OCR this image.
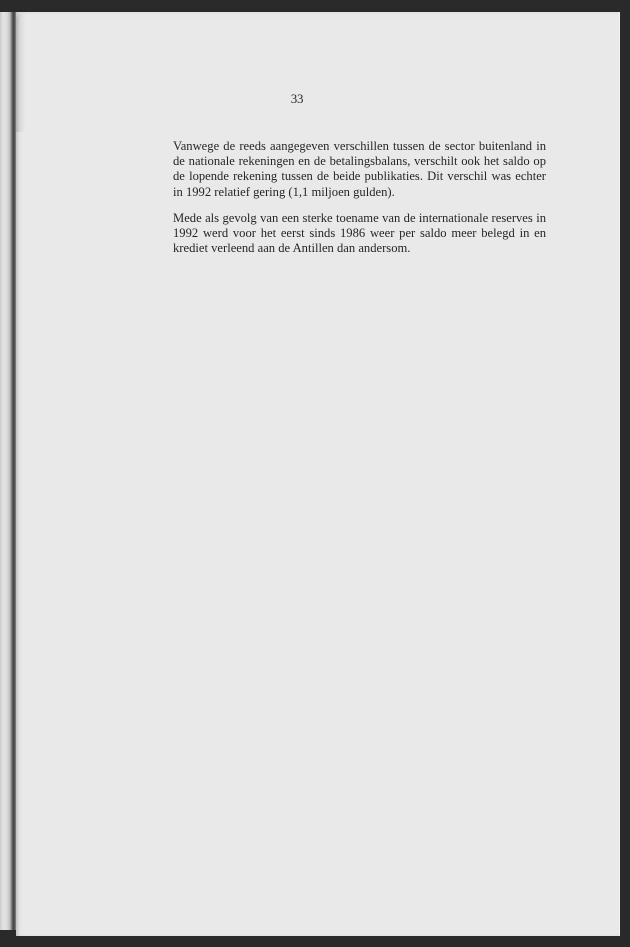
33

Vanwege de reeds aangegeven verschillen tussen de sector buitenland in de nationale rekeningen en de betalingsbalans, verschilt ook het saldo op de lopende rekening tussen de beide publikaties. Dit verschil was echter in 1992 relatief gering (1,1 miljoen gulden).

Mede als gevolg van een sterke toename van de internationale reserves in 1992 werd voor het eerst sinds 1986 weer per saldo meer belegd in en krediet verleend aan de Antillen dan andersom.
